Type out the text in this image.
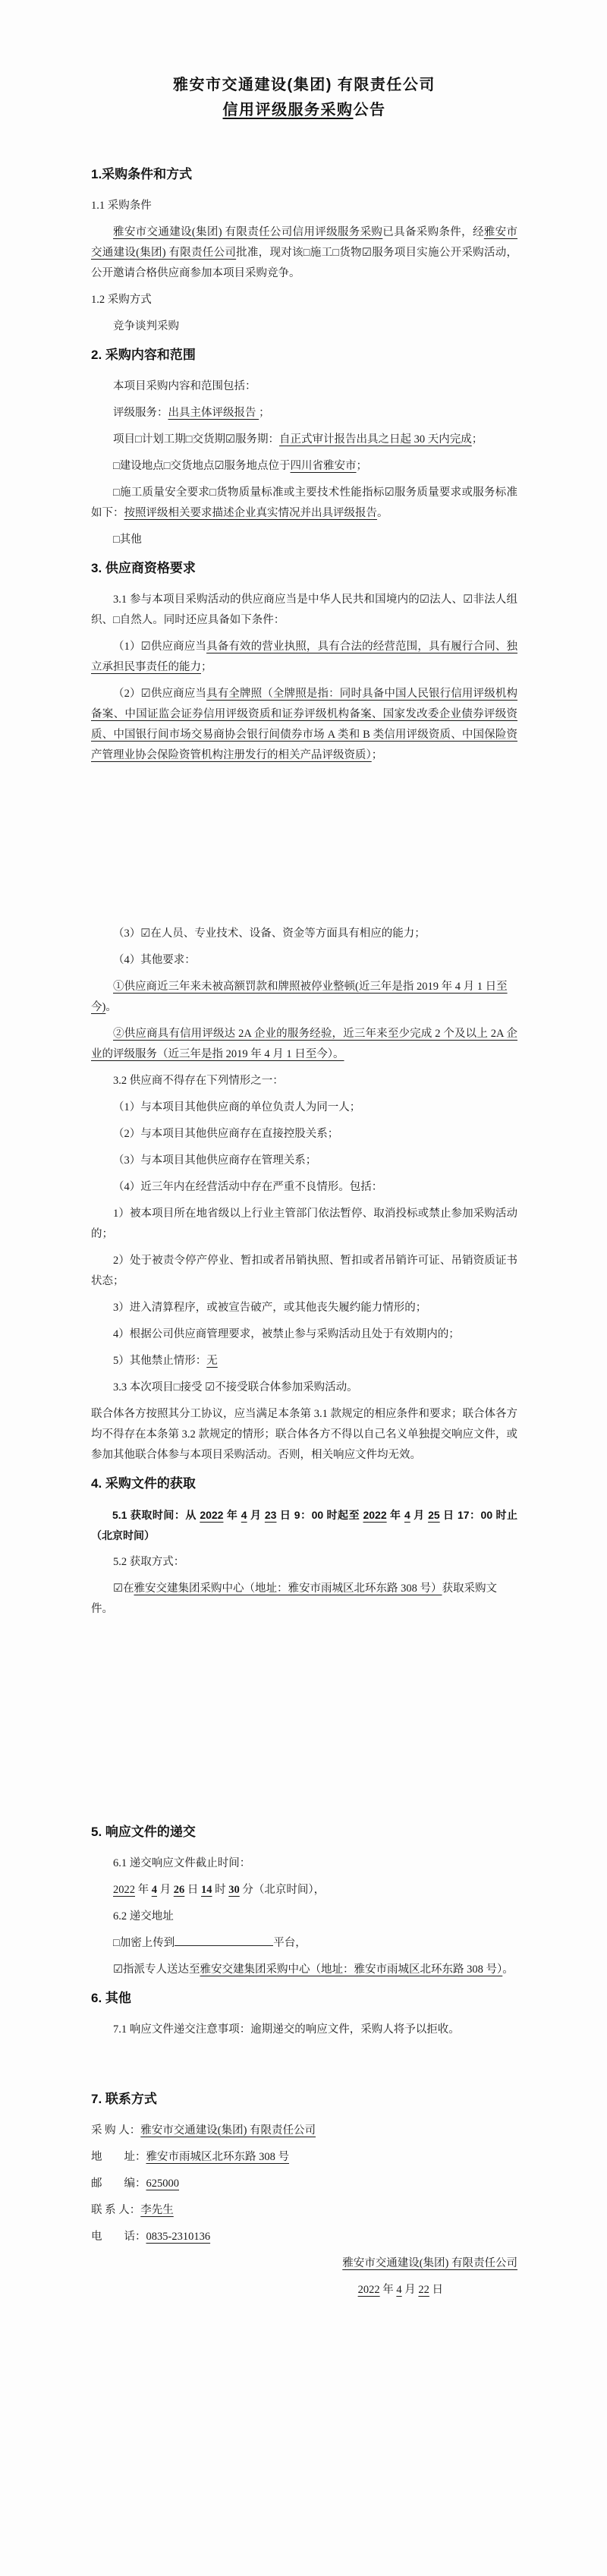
雅安市交通建设(集团) 有限责任公司
信用评级服务采购公告
1.采购条件和方式

1.1 采购条件

雅安市交通建设(集团) 有限责任公司信用评级服务采购已具备采购条件，经雅安市交通建设(集团) 有限责任公司批准，现对该□施工□货物☑服务项目实施公开采购活动，公开邀请合格供应商参加本项目采购竞争。

1.2 采购方式

竞争谈判采购

2. 采购内容和范围

本项目采购内容和范围包括：

评级服务：出具主体评级报告 ；

项目□计划工期□交货期☑服务期：自正式审计报告出具之日起 30 天内完成；

□建设地点□交货地点☑服务地点位于四川省雅安市；

□施工质量安全要求□货物质量标准或主要技术性能指标☑服务质量要求或服务标准如下：按照评级相关要求描述企业真实情况并出具评级报告。

□其他

3. 供应商资格要求

3.1 参与本项目采购活动的供应商应当是中华人民共和国境内的☑法人、☑非法人组织、□自然人。同时还应具备如下条件：

（1）☑供应商应当具备有效的营业执照，具有合法的经营范围，具有履行合同、独立承担民事责任的能力；

（2）☑供应商应当具有全牌照（全牌照是指：同时具备中国人民银行信用评级机构备案、中国证监会证券信用评级资质和证券评级机构备案、国家发改委企业债券评级资质、中国银行间市场交易商协会银行间债券市场 A 类和 B 类信用评级资质、中国保险资产管理业协会保险资管机构注册发行的相关产品评级资质）；

（3）☑在人员、专业技术、设备、资金等方面具有相应的能力；

（4）其他要求：

①供应商近三年来未被高额罚款和牌照被停业整顿(近三年是指 2019 年 4 月 1 日至今)。

②供应商具有信用评级达 2A 企业的服务经验，近三年来至少完成 2 个及以上 2A 企业的评级服务（近三年是指 2019 年 4 月 1 日至今）。

3.2 供应商不得存在下列情形之一：

（1）与本项目其他供应商的单位负责人为同一人；

（2）与本项目其他供应商存在直接控股关系；

（3）与本项目其他供应商存在管理关系；

（4）近三年内在经营活动中存在严重不良情形。包括：

1）被本项目所在地省级以上行业主管部门依法暂停、取消投标或禁止参加采购活动的；

2）处于被责令停产停业、暂扣或者吊销执照、暂扣或者吊销许可证、吊销资质证书状态；

3）进入清算程序，或被宣告破产，或其他丧失履约能力情形的；

4）根据公司供应商管理要求，被禁止参与采购活动且处于有效期内的；

5）其他禁止情形：无

3.3 本次项目□接受 ☑不接受联合体参加采购活动。

联合体各方按照其分工协议，应当满足本条第 3.1 款规定的相应条件和要求；联合体各方均不得存在本条第 3.2 款规定的情形；联合体各方不得以自己名义单独提交响应文件，或参加其他联合体参与本项目采购活动。否则，相关响应文件均无效。

4. 采购文件的获取

5.1 获取时间：从 2022 年 4 月 23 日 9：00 时起至 2022 年 4 月 25 日 17：00 时止（北京时间）

5.2 获取方式：

☑在雅安交建集团采购中心（地址：雅安市雨城区北环东路 308 号）获取采购文件。

5. 响应文件的递交

6.1 递交响应文件截止时间：

2022 年 4 月 26 日 14 时 30 分（北京时间），

6.2 递交地址

□加密上传到	平台，

☑指派专人送达至雅安交建集团采购中心（地址：雅安市雨城区北环东路 308 号）。

6. 其他

7.1 响应文件递交注意事项：逾期递交的响应文件，采购人将予以拒收。

7. 联系方式

采 购 人：雅安市交通建设(集团) 有限责任公司

地　　址：雅安市雨城区北环东路 308 号

邮　　编：625000

联 系 人：李先生

电　　话：0835-2310136

雅安市交通建设(集团) 有限责任公司

2022 年 4 月 22 日
